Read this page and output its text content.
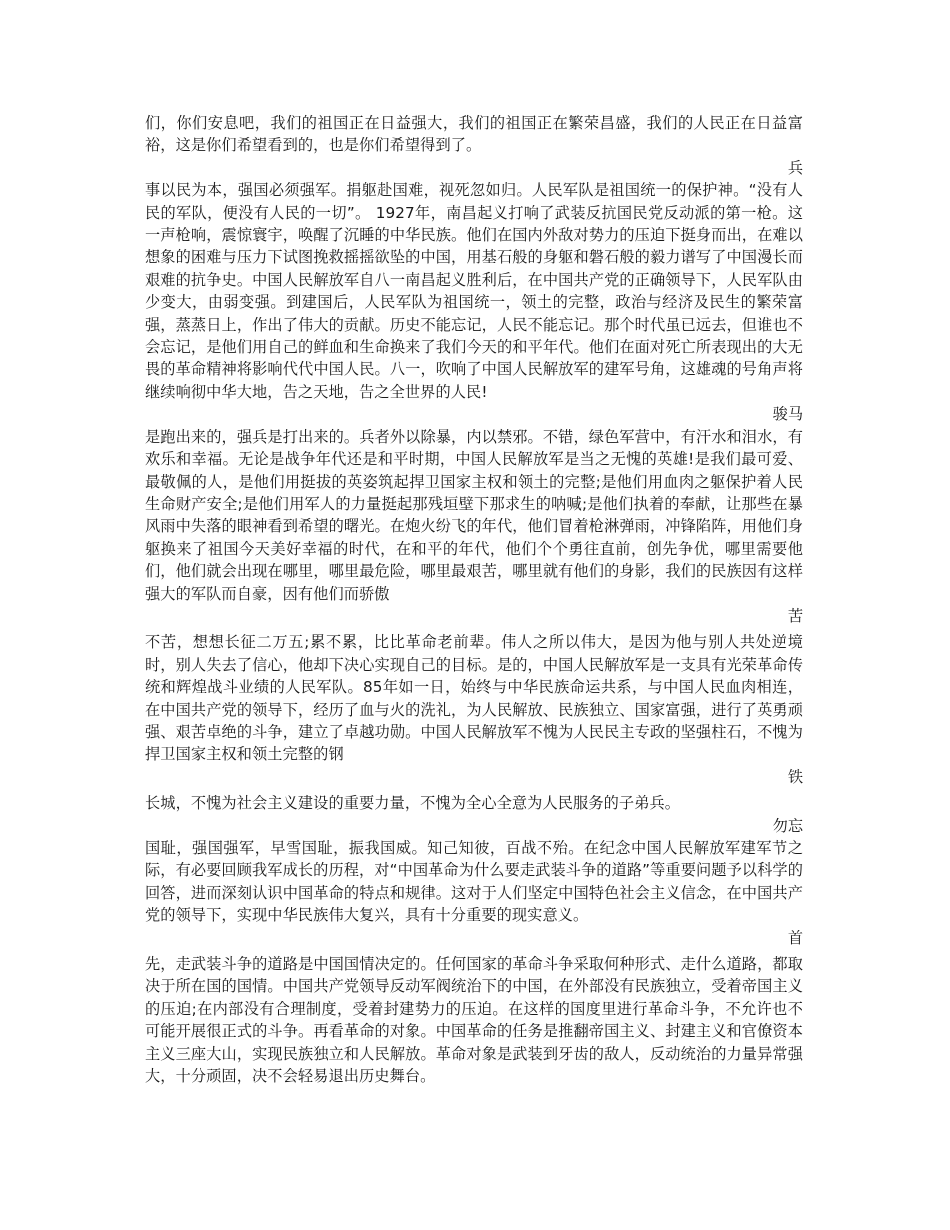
们，你们安息吧，我们的祖国正在日益强大，我们的祖国正在繁荣昌盛，我们的人民正在日益富裕，这是你们希望看到的，也是你们希望得到了。

兵

事以民为本，强国必须强军。捐躯赴国难，视死忽如归。人民军队是祖国统一的保护神。“没有人民的军队，便没有人民的一切”。 1927年，南昌起义打响了武装反抗国民党反动派的第一枪。这一声枪响，震惊寰宇，唤醒了沉睡的中华民族。他们在国内外敌对势力的压迫下挺身而出，在难以想象的困难与压力下试图挽救摇摇欲坠的中国，用基石般的身躯和磐石般的毅力谱写了中国漫长而艰难的抗争史。中国人民解放军自八一南昌起义胜利后，在中国共产党的正确领导下，人民军队由少变大，由弱变强。到建国后，人民军队为祖国统一，领土的完整，政治与经济及民生的繁荣富强，蒸蒸日上，作出了伟大的贡献。历史不能忘记，人民不能忘记。那个时代虽已远去，但谁也不会忘记，是他们用自己的鲜血和生命换来了我们今天的和平年代。他们在面对死亡所表现出的大无畏的革命精神将影响代代中国人民。八一，吹响了中国人民解放军的建军号角，这雄魂的号角声将继续响彻中华大地，告之天地，告之全世界的人民!

骏马

是跑出来的，强兵是打出来的。兵者外以除暴，内以禁邪。不错，绿色军营中，有汗水和泪水，有欢乐和幸福。无论是战争年代还是和平时期，中国人民解放军是当之无愧的英雄!是我们最可爱、最敬佩的人，是他们用挺拔的英姿筑起捍卫国家主权和领土的完整;是他们用血肉之躯保护着人民生命财产安全;是他们用军人的力量挺起那残垣壁下那求生的呐喊;是他们执着的奉献，让那些在暴风雨中失落的眼神看到希望的曙光。在炮火纷飞的年代，他们冒着枪淋弹雨，冲锋陷阵，用他们身躯换来了祖国今天美好幸福的时代，在和平的年代，他们个个勇往直前，创先争优，哪里需要他们，他们就会出现在哪里，哪里最危险，哪里最艰苦，哪里就有他们的身影，我们的民族因有这样强大的军队而自豪，因有他们而骄傲

苦

不苦，想想长征二万五;累不累，比比革命老前辈。伟人之所以伟大，是因为他与别人共处逆境时，别人失去了信心，他却下决心实现自己的目标。是的，中国人民解放军是一支具有光荣革命传统和辉煌战斗业绩的人民军队。85年如一日，始终与中华民族命运共系，与中国人民血肉相连，在中国共产党的领导下，经历了血与火的洗礼，为人民解放、民族独立、国家富强，进行了英勇顽强、艰苦卓绝的斗争，建立了卓越功勋。中国人民解放军不愧为人民民主专政的坚强柱石，不愧为捍卫国家主权和领土完整的钢

铁

长城，不愧为社会主义建设的重要力量，不愧为全心全意为人民服务的子弟兵。

勿忘

国耻，强国强军，早雪国耻，振我国威。知己知彼，百战不殆。在纪念中国人民解放军建军节之际，有必要回顾我军成长的历程，对“中国革命为什么要走武装斗争的道路”等重要问题予以科学的回答，进而深刻认识中国革命的特点和规律。这对于人们坚定中国特色社会主义信念，在中国共产党的领导下，实现中华民族伟大复兴，具有十分重要的现实意义。

首

先，走武装斗争的道路是中国国情决定的。任何国家的革命斗争采取何种形式、走什么道路，都取决于所在国的国情。中国共产党领导反动军阀统治下的中国，在外部没有民族独立，受着帝国主义的压迫;在内部没有合理制度，受着封建势力的压迫。在这样的国度里进行革命斗争，不允许也不可能开展很正式的斗争。再看革命的对象。中国革命的任务是推翻帝国主义、封建主义和官僚资本主义三座大山，实现民族独立和人民解放。革命对象是武装到牙齿的敌人，反动统治的力量异常强大，十分顽固，决不会轻易退出历史舞台。
